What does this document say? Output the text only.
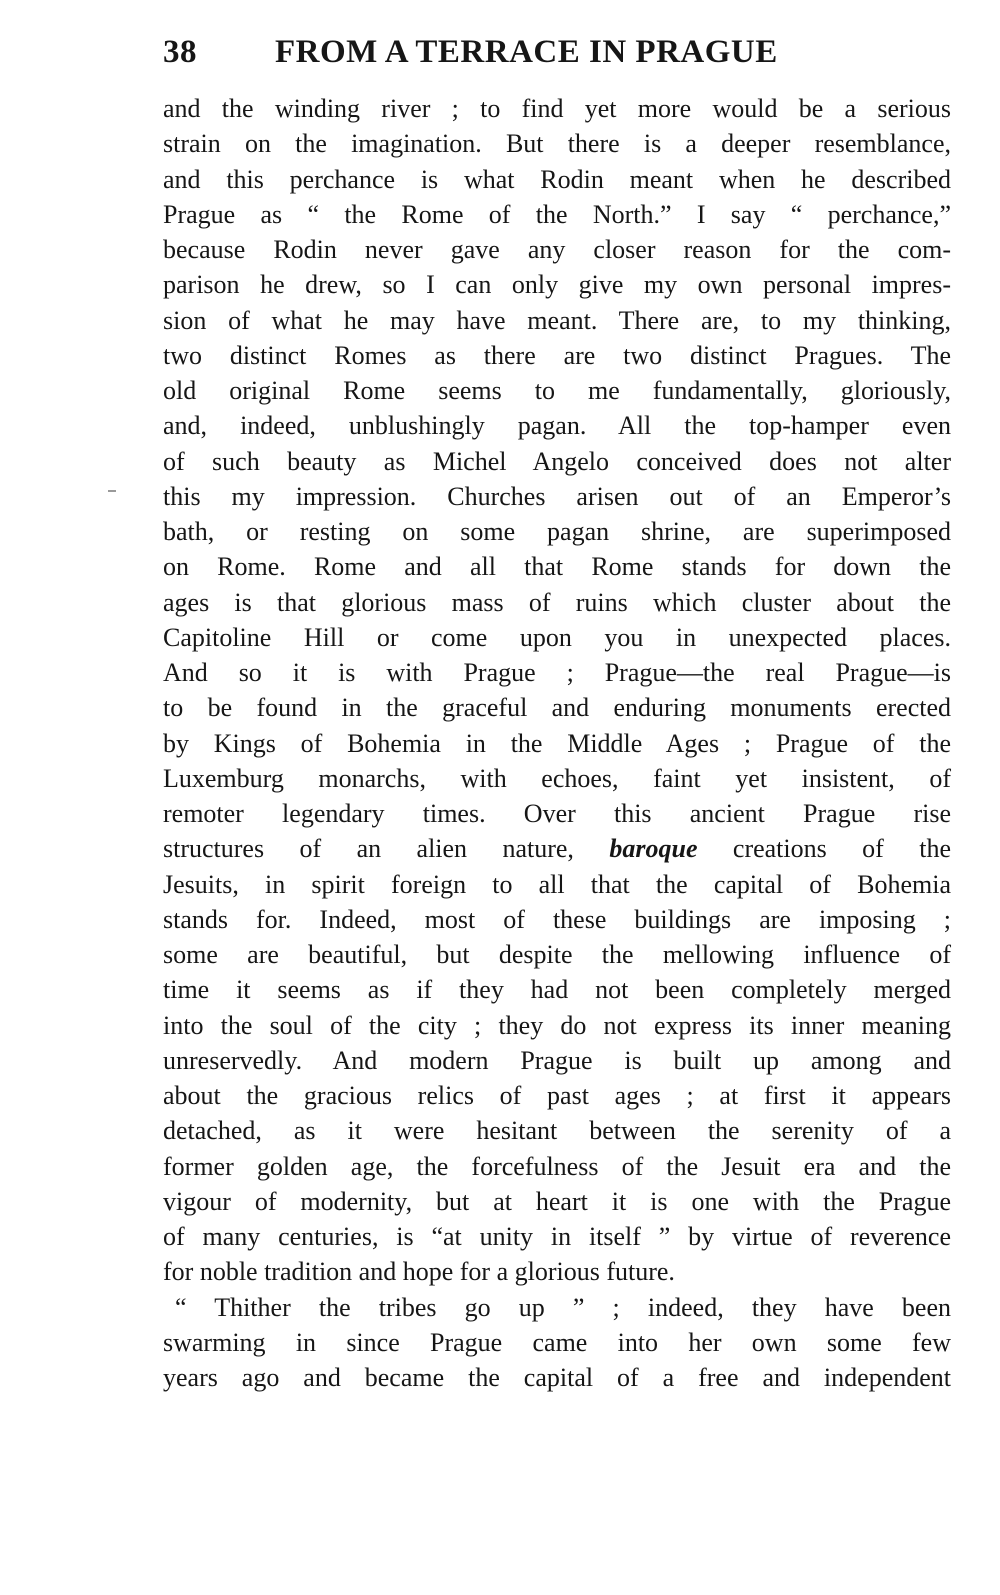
38 FROM A TERRACE IN PRAGUE
and the winding river ; to find yet more would be a serious
strain on the imagination. But there is a deeper resemblance,
and this perchance is what Rodin meant when he described
Prague as “ the Rome of the North.” I say “ perchance,”
because Rodin never gave any closer reason for the com-
parison he drew, so I can only give my own personal impres-
sion of what he may have meant. There are, to my thinking,
two distinct Romes as there are two distinct Pragues. The
old original Rome seems to me fundamentally, gloriously,
and, indeed, unblushingly pagan. All the top-hamper even
of such beauty as Michel Angelo conceived does not alter
this my impression. Churches arisen out of an Emperor’s
bath, or resting on some pagan shrine, are superimposed
on Rome. Rome and all that Rome stands for down the
ages is that glorious mass of ruins which cluster about the
Capitoline Hill or come upon you in unexpected places.
And so it is with Prague ; Prague—the real Prague—is
to be found in the graceful and enduring monuments erected
by Kings of Bohemia in the Middle Ages ; Prague of the
Luxemburg monarchs, with echoes, faint yet insistent, of
remoter legendary times. Over this ancient Prague rise
structures of an alien nature, baroque creations of the
Jesuits, in spirit foreign to all that the capital of Bohemia
stands for. Indeed, most of these buildings are imposing ;
some are beautiful, but despite the mellowing influence of
time it seems as if they had not been completely merged
into the soul of the city ; they do not express its inner meaning
unreservedly. And modern Prague is built up among and
about the gracious relics of past ages ; at first it appears
detached, as it were hesitant between the serenity of a
former golden age, the forcefulness of the Jesuit era and the
vigour of modernity, but at heart it is one with the Prague
of many centuries, is “at unity in itself ” by virtue of reverence
for noble tradition and hope for a glorious future.
“ Thither the tribes go up ” ; indeed, they have been
swarming in since Prague came into her own some few
years ago and became the capital of a free and independent
